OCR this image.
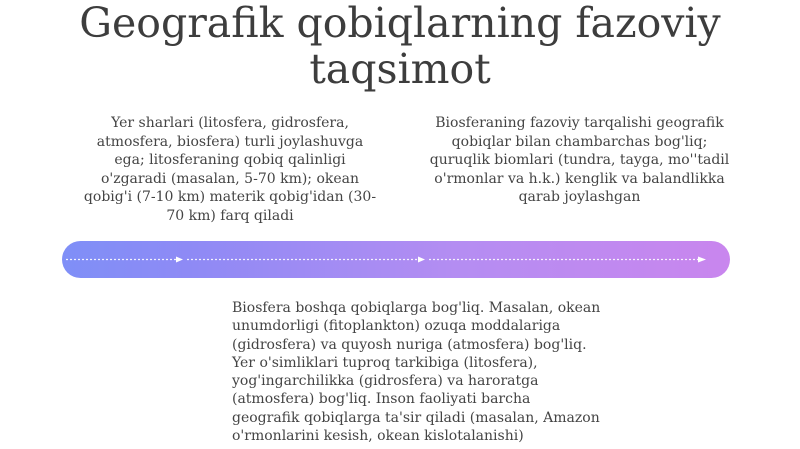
Geografik qobiqlarning fazoviy
taqsimot

Yer sharlari (litosfera, gidrosfera, atmosfera, biosfera) turli joylashuvga ega; litosferaning qobiq qalinligi o'zgaradi (masalan, 5-70 km); okean qobig'i (7-10 km) materik qobig'idan (30-70 km) farq qiladi

Biosferaning fazoviy tarqalishi geografik qobiqlar bilan chambarchas bog'liq; quruqlik biomlari (tundra, tayga, mo''tadil o'rmonlar va h.k.) kenglik va balandlikka qarab joylashgan

Biosfera boshqa qobiqlarga bog'liq. Masalan, okean unumdorligi (fitoplankton) ozuqa moddalariga (gidrosfera) va quyosh nuriga (atmosfera) bog'liq. Yer o'simliklari tuproq tarkibiga (litosfera), yog'ingarchilikka (gidrosfera) va haroratga (atmosfera) bog'liq. Inson faoliyati barcha geografik qobiqlarga ta'sir qiladi (masalan, Amazon o'rmonlarini kesish, okean kislotalanishi)
